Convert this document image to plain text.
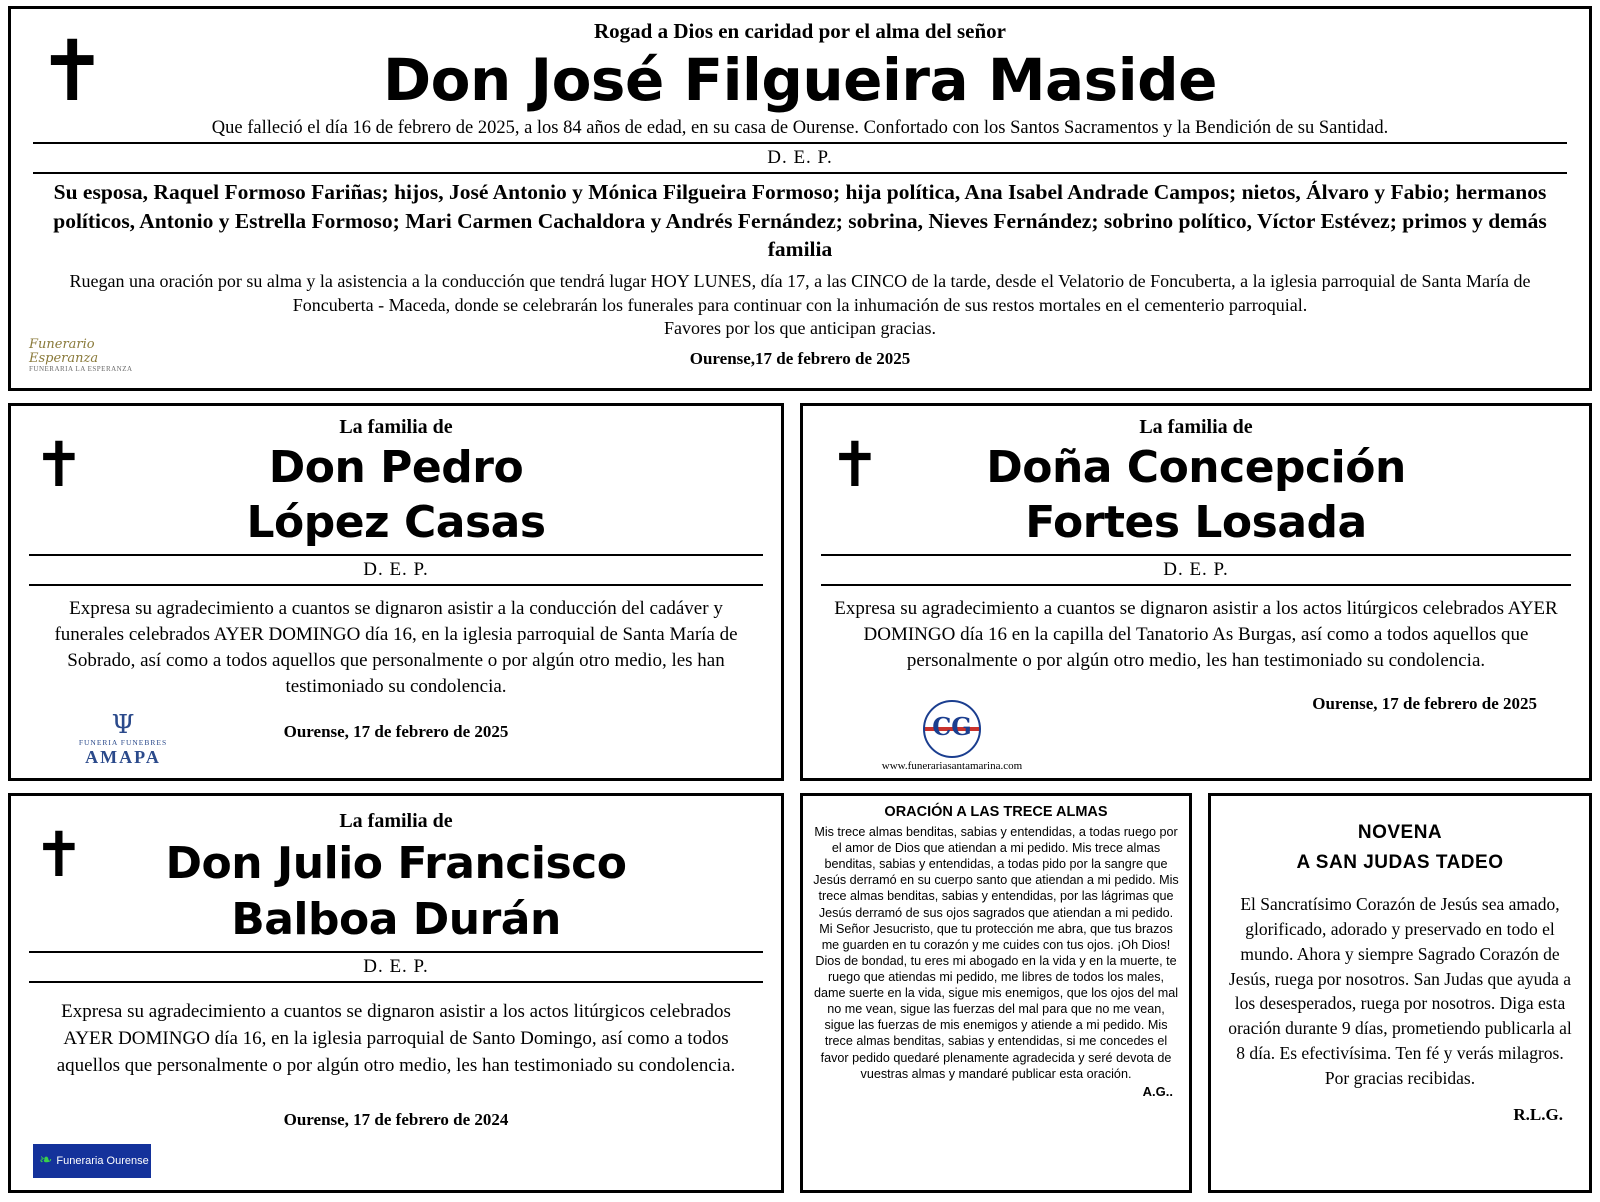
✝	Rogad a Dios en caridad por el alma del señor
Don José Filgueira Maside
Que falleció el día 16 de febrero de 2025, a los 84 años de edad, en su casa de Ourense. Confortado con los Santos Sacramentos y la Bendición de su Santidad.
D. E. P.
Su esposa, Raquel Formoso Fariñas; hijos, José Antonio y Mónica Filgueira Formoso; hija política, Ana Isabel Andrade Campos; nietos, Álvaro y Fabio; hermanos políticos, Antonio y Estrella Formoso; Mari Carmen Cachaldora y Andrés Fernández; sobrina, Nieves Fernández; sobrino político, Víctor Estévez; primos y demás familia
Ruegan una oración por su alma y la asistencia a la conducción que tendrá lugar HOY LUNES, día 17, a las CINCO de la tarde, desde el Velatorio de Foncuberta, a la iglesia parroquial de Santa María de Foncuberta - Maceda, donde se celebrarán los funerales para continuar con la inhumación de sus restos mortales en el cementerio parroquial.
Favores por los que anticipan gracias.
Ourense,17 de febrero de 2025
Funerario
Esperanza
FUNERARIA LA ESPERANZA
✝
La familia de
Don Pedro
López Casas
D. E. P.
Expresa su agradecimiento a cuantos se dignaron asistir a la conducción del cadáver y funerales celebrados AYER DOMINGO día 16, en la iglesia parroquial de Santa María de Sobrado, así como a todos aquellos que personalmente o por algún otro medio, les han testimoniado su condolencia.
Ourense, 17 de febrero de 2025
Ψ
FUNERIA FUNEBRES
AMAPA
✝
La familia de
Doña Concepción
Fortes Losada
D. E. P.
Expresa su agradecimiento a cuantos se dignaron asistir a los actos litúrgicos celebrados AYER DOMINGO día 16 en la capilla del Tanatorio As Burgas, así como a todos aquellos que personalmente o por algún otro medio, les han testimoniado su condolencia.
Ourense, 17 de febrero de 2025
CG
www.funerariasantamarina.com
✝	La familia de
Don Julio Francisco
Balboa Durán
D. E. P.
Expresa su agradecimiento a cuantos se dignaron asistir a los actos litúrgicos celebrados AYER DOMINGO día 16, en la iglesia parroquial de Santo Domingo, así como a todos aquellos que personalmente o por algún otro medio, les han testimoniado su condolencia.
Ourense, 17 de febrero de 2024
❧ Funeraria Ourense
ORACIÓN A LAS TRECE ALMAS
Mis trece almas benditas, sabias y entendidas, a todas ruego por el amor de Dios que atiendan a mi pedido. Mis trece almas benditas, sabias y entendidas, a todas pido por la sangre que Jesús derramó en su cuerpo santo que atiendan a mi pedido. Mis trece almas benditas, sabias y entendidas, por las lágrimas que Jesús derramó de sus ojos sagrados que atiendan a mi pedido. Mi Señor Jesucristo, que tu protección me abra, que tus brazos me guarden en tu corazón y me cuides con tus ojos. ¡Oh Dios! Dios de bondad, tu eres mi abogado en la vida y en la muerte, te ruego que atiendas mi pedido, me libres de todos los males, dame suerte en la vida, sigue mis enemigos, que los ojos del mal no me vean, sigue las fuerzas del mal para que no me vean, sigue las fuerzas de mis enemigos y atiende a mi pedido. Mis trece almas benditas, sabias y entendidas, si me concedes el favor pedido quedaré plenamente agradecida y seré devota de vuestras almas y mandaré publicar esta oración.
A.G..
NOVENA
A SAN JUDAS TADEO
El Sancratísimo Corazón de Jesús sea amado, glorificado, adorado y preservado en todo el mundo. Ahora y siempre Sagrado Corazón de Jesús, ruega por nosotros. San Judas que ayuda a los desesperados, ruega por nosotros. Diga esta oración durante 9 días, prometiendo publicarla al 8 día. Es efectivísima. Ten fé y verás milagros. Por gracias recibidas.
R.L.G.
